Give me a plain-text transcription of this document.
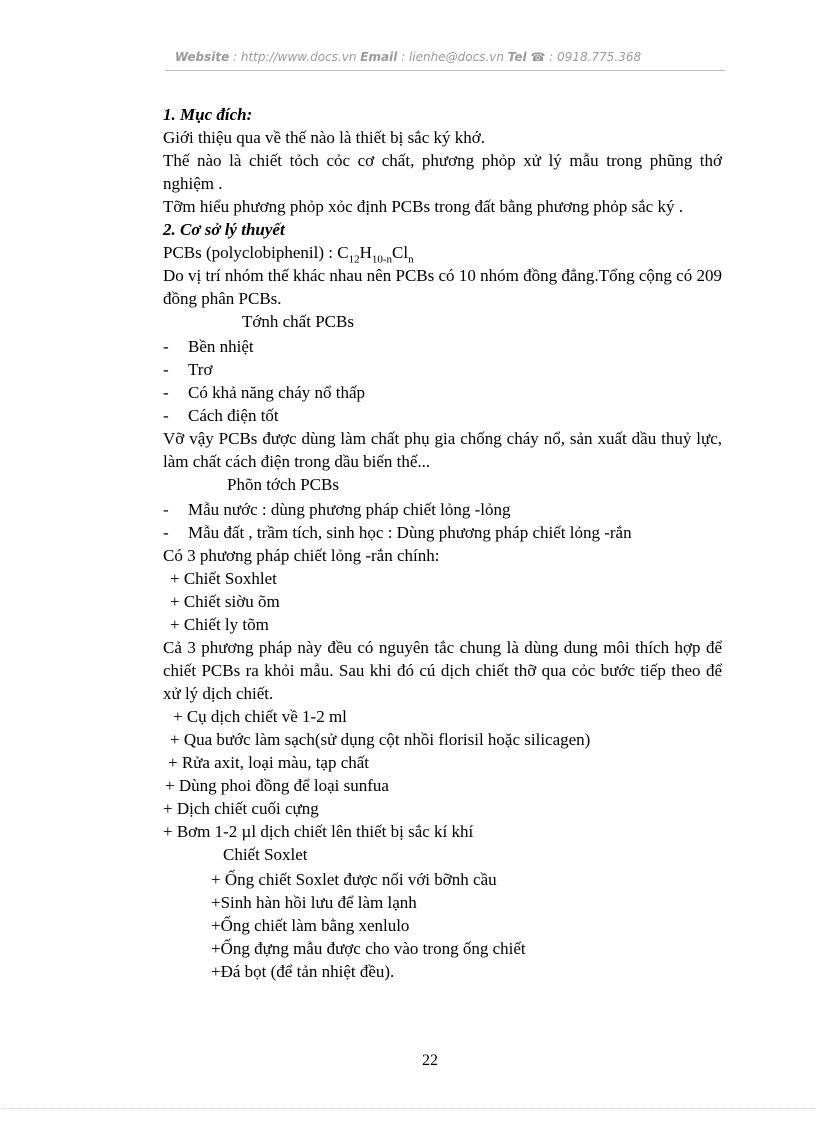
Website : http://www.docs.vn Email : lienhe@docs.vn Tel ☎ : 0918.775.368
1. Mục đích:
Giới thiệu qua về thế nào là thiết bị sắc ký khớ.
Thế nào là chiết tỏch cỏc cơ chất, phương phỏp xử lý mẫu trong phũng thớ nghiệm .
Tỡm hiểu phương phỏp xỏc định PCBs trong đất bằng phương phỏp sắc ký .
2. Cơ sở lý thuyết
PCBs (polyclobiphenil) : $C_{12}H_{10-n}Cl_n$
Do vị trí nhóm thế khác nhau nên PCBs có 10 nhóm đồng đẳng.Tổng cộng có 209 đồng phân PCBs.
Tớnh chất PCBs
-	Bền nhiệt
-	Trơ
-	Có khả năng cháy nổ thấp
-	Cách điện tốt
Vỡ vậy PCBs được dùng làm chất phụ gia chống cháy nổ, sản xuất dầu thuỷ lực, làm chất cách điện trong dầu biến thế...
Phõn tớch PCBs
-	Mẫu nước : dùng phương pháp chiết lỏng -lỏng
-	Mẫu đất , trầm tích, sinh học : Dùng phương pháp chiết lỏng -rắn
Có 3 phương pháp chiết lỏng -rắn chính:
+ Chiết Soxhlet
+ Chiết siờu õm
+ Chiết ly tõm
Cả 3 phương pháp này đều có nguyên tắc chung là dùng dung môi thích hợp để chiết PCBs ra khỏi mẫu. Sau khi đó cú dịch chiết thỡ qua cỏc bước tiếp theo để xử lý dịch chiết.
+ Cụ dịch chiết về 1-2 ml
+ Qua bước làm sạch(sử dụng cột nhồi florisil hoặc silicagen)
+ Rửa axit, loại màu, tạp chất
+ Dùng phoi đồng để loại sunfua
+ Dịch chiết cuối cựng
+ Bơm 1-2 µl dịch chiết lên thiết bị sắc kí khí
Chiết Soxlet
+ Ống chiết Soxlet được nối với bỡnh cầu
+Sinh hàn hồi lưu để làm lạnh
+Ống chiết làm bằng xenlulo
+Ống đựng mẫu được cho vào trong ống chiết
+Đá bọt (để tản nhiệt đều).
22
